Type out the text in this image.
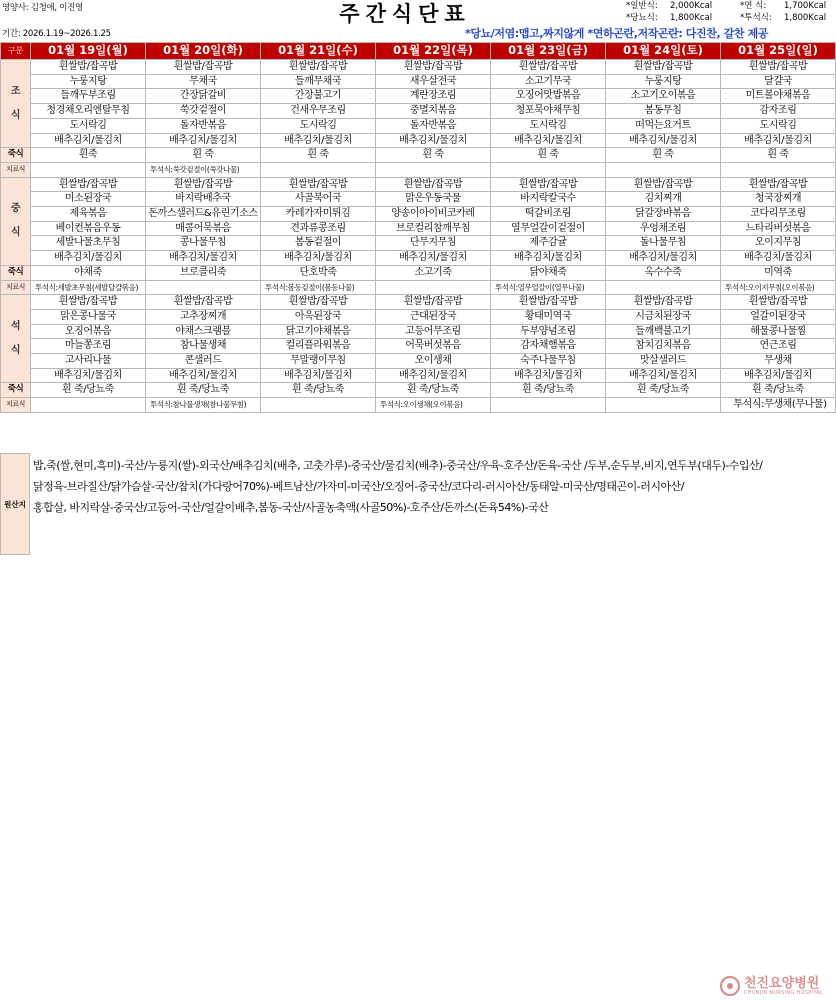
영양사: 김청애, 이진영
기간: 2026.1.19~2026.1.25
주간식단표
*당뇨/저염:맵고,짜지않게 *연하곤란,저작곤란: 다진찬, 갈찬 제공
*일반식: 2,000Kcal
*당뇨식: 1,800Kcal
*연 식: 1,700Kcal
*투석식: 1,800Kcal
구분	01월 19일(월)	01월 20일(화)	01월 21일(수)	01월 22일(목)	01월 23일(금)	01월 24일(토)	01월 25일(일)

조
식	흰쌀밥/잡곡밥	흰쌀밥/잡곡밥	흰쌀밥/잡곡밥	흰쌀밥/잡곡밥	흰쌀밥/잡곡밥	흰쌀밥/잡곡밥	흰쌀밥/잡곡밥
	누룽지탕	무채국	들깨무채국	새우살전국	소고기무국	누룽지탕	달걀국
	들깨두부조림	간장닭갈비	간장불고기	계란장조림	오징어맛밥볶음	소고기오이볶음	미트볼야채볶음
	청경채오리엔탈무침	쑥갓겉절이	건새우무조림	중멸치볶음	청포묵야채무침	봄동무침	감자조림
	도시락김	돌자반볶음	도시락김	돌자반볶음	도시락김	떠먹는요거트	도시락김
	배추김치/물김치	배추김치/물김치	배추김치/물김치	배추김치/물김치	배추김치/물김치	배추김치/물김치	배추김치/물김치
죽식	흰죽	흰 죽	흰 죽	흰 죽	흰 죽	흰 죽	흰 죽
치료식		투석식:쑥갓겉절이(쑥갓나물)					

중
식	흰쌀밥/잡곡밥	흰쌀밥/잡곡밥	흰쌀밥/잡곡밥	흰쌀밥/잡곡밥	흰쌀밥/잡곡밥	흰쌀밥/잡곡밥	흰쌀밥/잡곡밥
	미소된장국	바지락배추국	사골북어국	맑은우동국물	바지락칼국수	김치찌개	청국장찌개
	제육볶음	돈까스샐러드&유린기소스	카레가자미튀김	양송이아이비코카레	떡갈비조림	닭갈장뱌볶음	코다리무조림
	베이컨볶음우동	매콤어묵볶음	견과류콩조림	브로컬리참깨무침	열무얼갈이겉절이	우엉채조림	느타리버섯볶음
	세발나물초무침	콩나물무침	봄동겉절이	단무지무침	제주감귤	돌나물무침	오이지무침
	배추김치/물김치	배추김치/물김치	배추김치/물김치	배추김치/물김치	배추김치/물김치	배추김치/물김치	배추김치/물김치
죽식	야채죽	브로콜리죽	단호박죽	소고기죽	닭야채죽	옥수수죽	미역죽
치료식	투석식:세발초무침(세발달걀볶음)		투석식:봄동겉절이(봄동나물)		투석식:열무얼갈이(열무나물)		투석식:오이지무침(오이볶음)

석
식	흰쌀밥/잡곡밥	흰쌀밥/잡곡밥	흰쌀밥/잡곡밥	흰쌀밥/잡곡밥	흰쌀밥/잡곡밥	흰쌀밥/잡곡밥	흰쌀밥/잡곡밥
	맑은콩나물국	고추장찌개	아욱된장국	근대된장국	황태미역국	시금치된장국	얼갈이된장국
	오징어볶음	야채스크램블	닭고기야채볶음	고등어무조림	두부양념조림	들깨백불고기	해물콩나물찜
	마늘쫑조림	참나물생채	컬리플라워볶음	어묵버섯볶음	감자채햄볶음	참치김치볶음	연근조림
	고사리나물	콘샐러드	무말랭이무침	오이생채	숙주나물무침	맛살샐러드	무생채
	배추김치/물김치	배추김치/물김치	배추김치/물김치	배추김치/물김치	배추김치/물김치	배추김치/물김치	배추김치/물김치
죽식	흰 죽/당뇨죽	흰 죽/당뇨죽	흰 죽/당뇨죽	흰 죽/당뇨죽	흰 죽/당뇨죽	흰 죽/당뇨죽	흰 죽/당뇨죽
치료식		투석식:참나물생채(참나물무침)		투석식:오이생채(오이볶음)			투석식:무생채(무나물)
원산지
밥,죽(쌀,현미,흑미)-국산/누룽지(쌀)-외국산/배추김치(배추, 고춧가루)-중국산/물김치(배추)-중국산/우육-호주산/돈육-국산 /두부,순두부,비지,연두부(대두)-수입산/
닭정육-브라질산/닭가슴살-국산/참치(가다랑어70%)-베트남산/가자미-미국산/오징어-중국산/코다리-러시아산/동태알-미국산/명태곤이-러시아산/
홍합살, 바지락살-중국산/고등어-국산/얼갈이배추,봄동-국산/사골농축액(사골50%)-호주산/돈까스(돈육54%)-국산
천진요양병원
CHUNJIN NURSING HOSPITAL
